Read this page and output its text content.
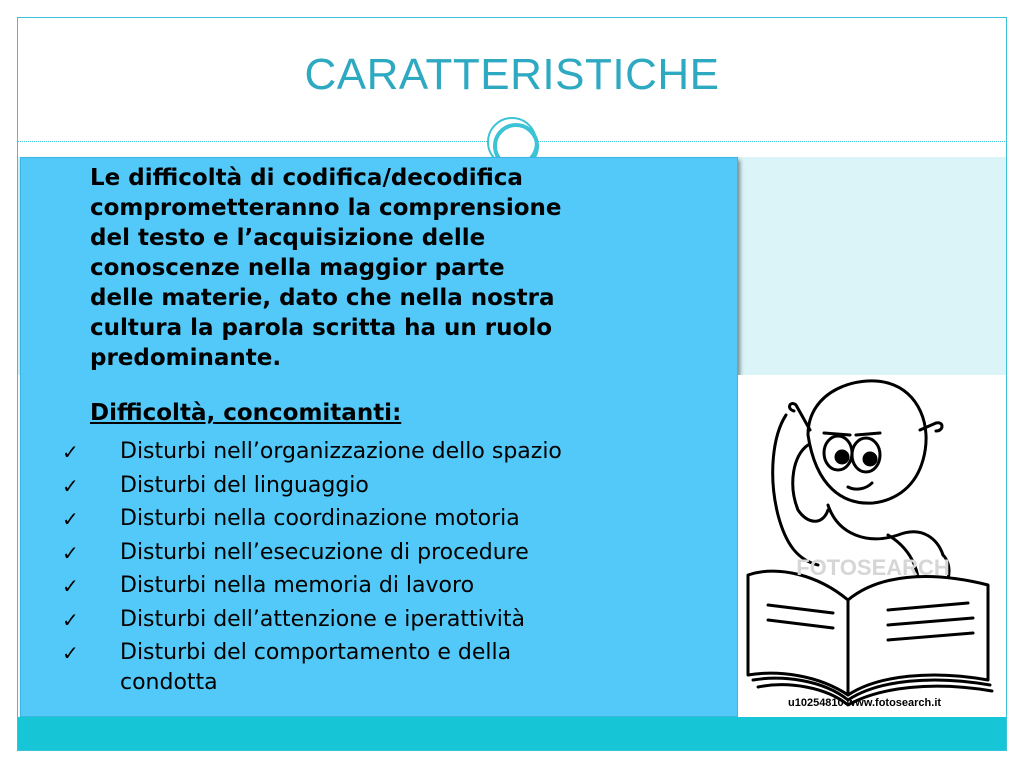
CARATTERISTICHE
Le difficoltà di codifica/decodifica
comprometteranno la comprensione
del testo e l’acquisizione delle
conoscenze nella maggior parte
delle materie, dato che nella nostra
cultura la parola scritta ha un ruolo
predominante.
Difficoltà, concomitanti:
✓ Disturbi nell’organizzazione dello spazio
✓ Disturbi del linguaggio
✓ Disturbi nella coordinazione motoria
✓ Disturbi nell’esecuzione di procedure
✓ Disturbi nella memoria di lavoro
✓ Disturbi dell’attenzione e iperattività
✓ Disturbi del comportamento e della
condotta
FOTOSEARCH
u10254810 www.fotosearch.it
